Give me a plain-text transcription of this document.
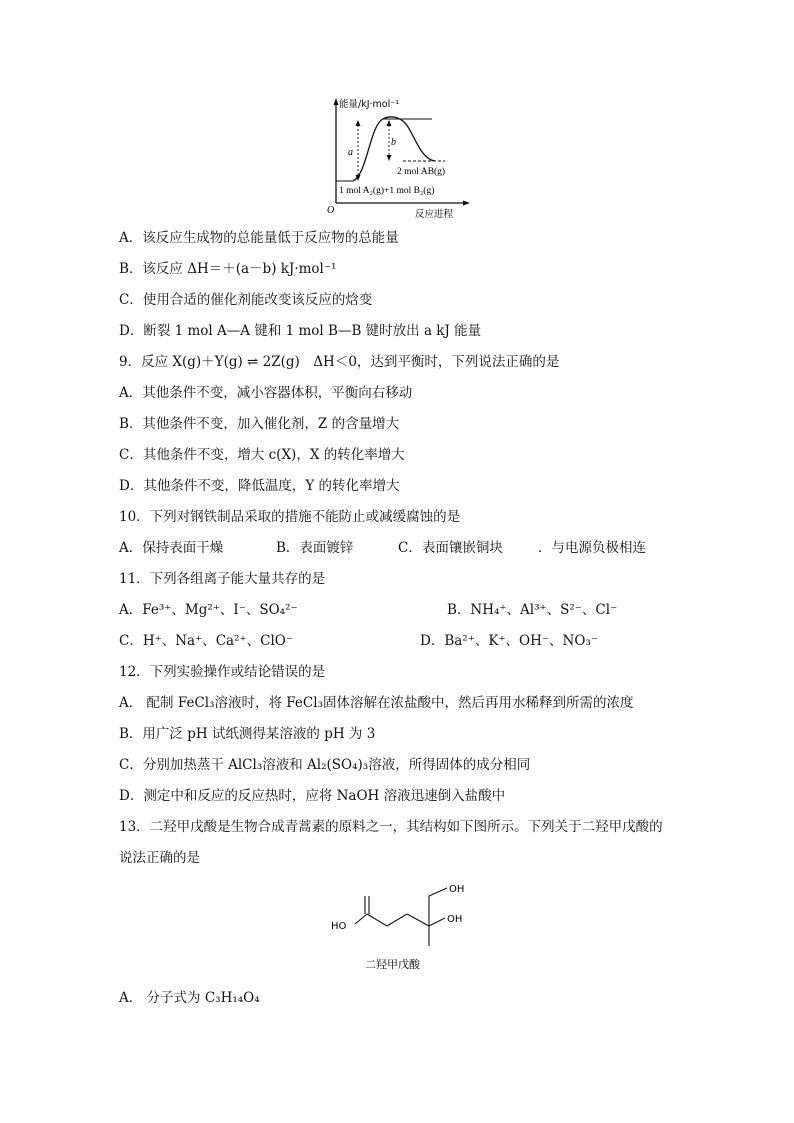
能量/kJ·mol⁻¹
a
b
2 mol AB(g)
1 mol A₂(g)+1 mol B₂(g)
O	反应进程
A．该反应生成物的总能量低于反应物的总能量
B．该反应 ΔH＝＋(a－b) kJ·mol⁻¹
C．使用合适的催化剂能改变该反应的焓变
D．断裂 1 mol A—A 键和 1 mol B—B 键时放出 a kJ 能量
9．反应 X(g)＋Y(g) ⇌ 2Z(g)　ΔH＜0，达到平衡时，下列说法正确的是
A．其他条件不变，减小容器体积，平衡向右移动
B．其他条件不变，加入催化剂，Z 的含量增大
C．其他条件不变，增大 c(X)，X 的转化率增大
D．其他条件不变，降低温度，Y 的转化率增大
10．下列对钢铁制品采取的措施不能防止或减缓腐蚀的是
A．保持表面干燥	B．表面镀锌	C．表面镶嵌铜块	．与电源负极相连
11．下列各组离子能大量共存的是
A．Fe³⁺、Mg²⁺、I⁻、SO₄²⁻	B．NH₄⁺、Al³⁺、S²⁻、Cl⁻
C．H⁺、Na⁺、Ca²⁺、ClO⁻	D．Ba²⁺、K⁺、OH⁻、NO₃⁻
12．下列实验操作或结论错误的是
A． 配制 FeCl₃溶液时，将 FeCl₃固体溶解在浓盐酸中，然后再用水稀释到所需的浓度
B．用广泛 pH 试纸测得某溶液的 pH 为 3
C．分别加热蒸干 AlCl₃溶液和 Al₂(SO₄)₃溶液，所得固体的成分相同
D．测定中和反应的反应热时，应将 NaOH 溶液迅速倒入盐酸中
13．二羟甲戊酸是生物合成青蒿素的原料之一，其结构如下图所示。下列关于二羟甲戊酸的
说法正确的是
HO
OH
OH
二羟甲戊酸
A． 分子式为 C₃H₁₄O₄
